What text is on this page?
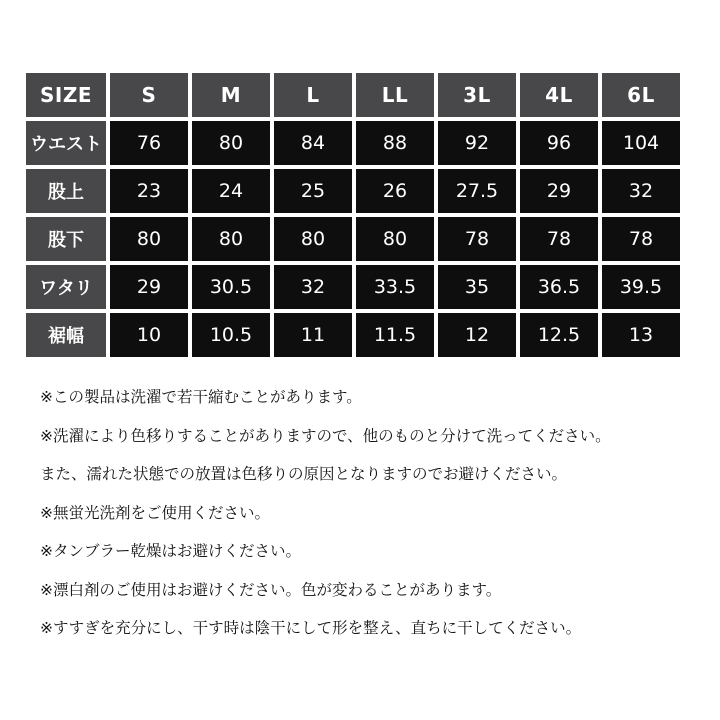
SIZE	S	M	L	LL	3L	4L	6L
ウエスト	76	80	84	88	92	96	104
股上	23	24	25	26	27.5	29	32
股下	80	80	80	80	78	78	78
ワタリ	29	30.5	32	33.5	35	36.5	39.5
裾幅	10	10.5	11	11.5	12	12.5	13
※この製品は洗濯で若干縮むことがあります。
※洗濯により色移りすることがありますので、他のものと分けて洗ってください。
また、濡れた状態での放置は色移りの原因となりますのでお避けください。
※無蛍光洗剤をご使用ください。
※タンブラー乾燥はお避けください。
※漂白剤のご使用はお避けください。色が変わることがあります。
※すすぎを充分にし、干す時は陰干にして形を整え、直ちに干してください。
